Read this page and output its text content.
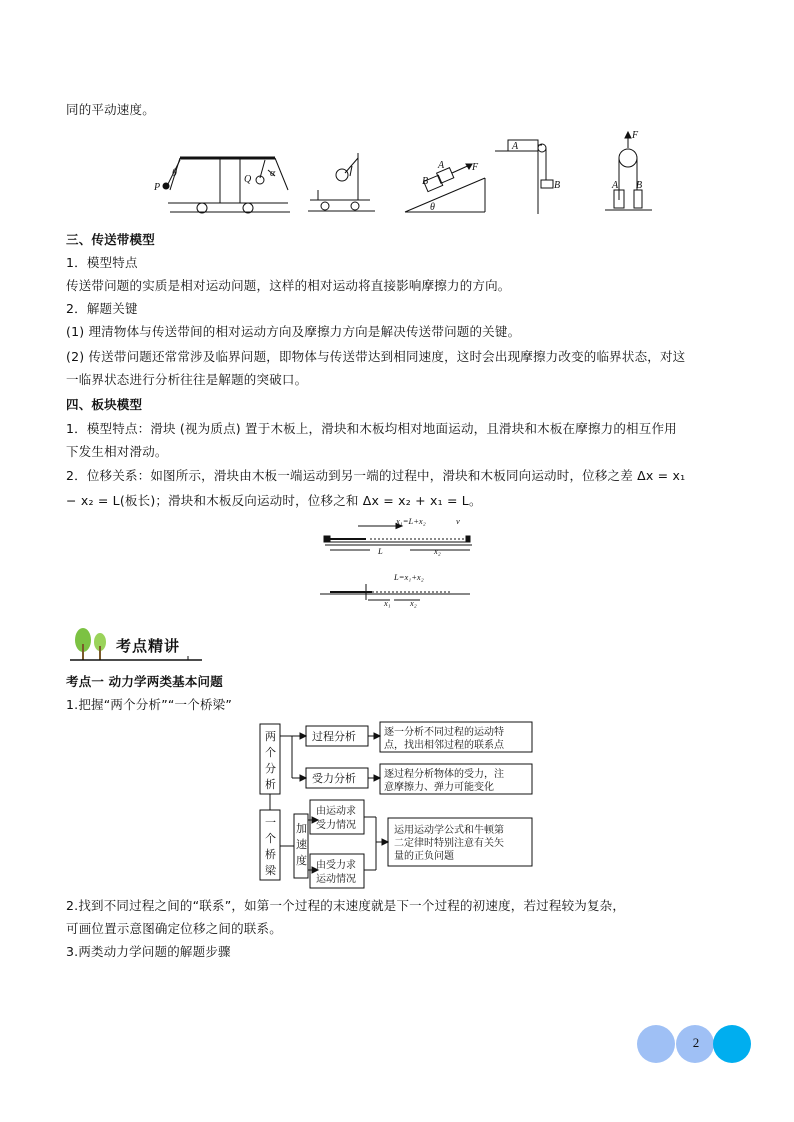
同的平动速度。
P
θ
Q
α
B
A	F
θ
A
B
F
A B
三、传送带模型
1．模型特点
传送带问题的实质是相对运动问题，这样的相对运动将直接影响摩擦力的方向。
2．解题关键
(1) 理清物体与传送带间的相对运动方向及摩擦力方向是解决传送带问题的关键。
(2) 传送带问题还常常涉及临界问题，即物体与传送带达到相同速度，这时会出现摩擦力改变的临界状态，对这
一临界状态进行分析往往是解题的突破口。
四、板块模型
1．模型特点：滑块 (视为质点) 置于木板上，滑块和木板均相对地面运动，且滑块和木板在摩擦力的相互作用
下发生相对滑动。
2．位移关系：如图所示，滑块由木板一端运动到另一端的过程中，滑块和木板同向运动时，位移之差 Δx = x₁
− x₂ = L(板长)；滑块和木板反向运动时，位移之和 Δx = x₂ + x₁ = L。
x₁=L+x₂	v
L	x₂
L=x₁+x₂
x₁ x₂
考点精讲
考点一 动力学两类基本问题
1.把握“两个分析”“一个桥梁”
两
个
分
析
一
个
桥
梁
加
速
度
过程分析
受力分析
逐一分析不同过程的运动特
点，找出相邻过程的联系点
逐过程分析物体的受力，注
意摩擦力、弹力可能变化
由运动求
受力情况
由受力求
运动情况
运用运动学公式和牛顿第
二定律时特别注意有关矢
量的正负问题
2.找到不同过程之间的“联系”，如第一个过程的末速度就是下一个过程的初速度，若过程较为复杂，
可画位置示意图确定位移之间的联系。
3.两类动力学问题的解题步骤
2
